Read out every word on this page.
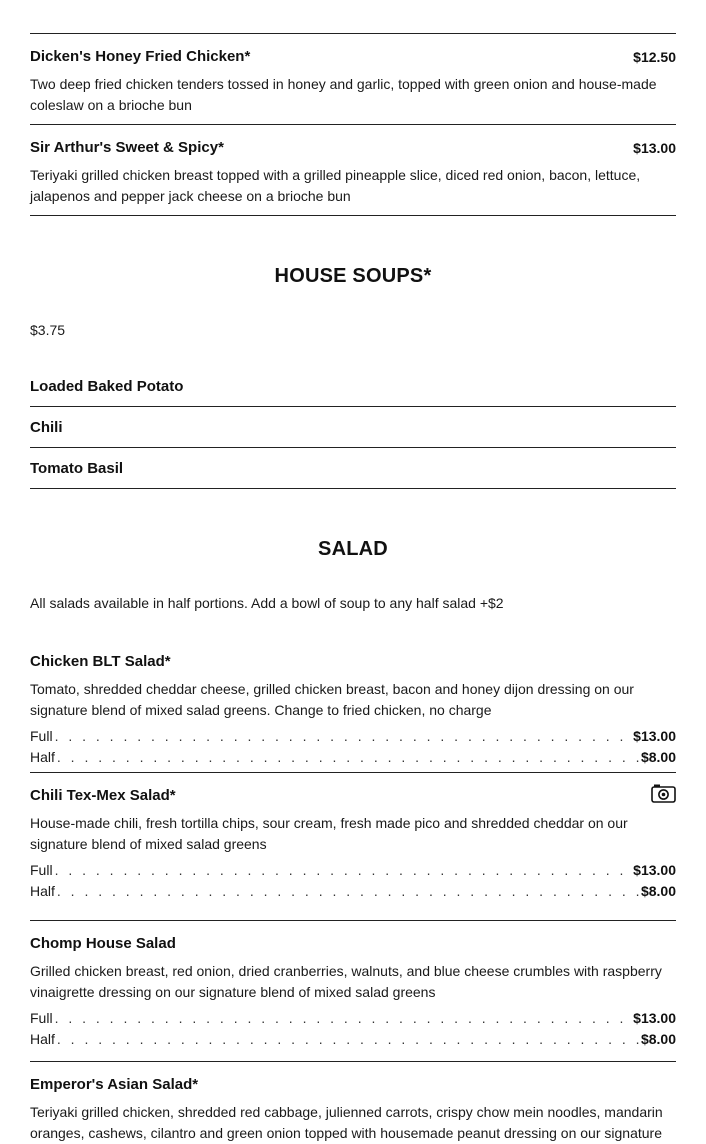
Dicken's Honey Fried Chicken*	$12.50
Two deep fried chicken tenders tossed in honey and garlic, topped with green onion and house-made coleslaw on a brioche bun
Sir Arthur's Sweet & Spicy*	$13.00
Teriyaki grilled chicken breast topped with a grilled pineapple slice, diced red onion, bacon, lettuce, jalapenos and pepper jack cheese on a brioche bun
HOUSE SOUPS*
$3.75
Loaded Baked Potato
Chili
Tomato Basil
SALAD
All salads available in half portions. Add a bowl of soup to any half salad +$2
Chicken BLT Salad*
Tomato, shredded cheddar cheese, grilled chicken breast, bacon and honey dijon dressing on our signature blend of mixed salad greens. Change to fried chicken, no charge
Full . . .	$13.00
Half . . .	$8.00
Chili Tex-Mex Salad*
House-made chili, fresh tortilla chips, sour cream, fresh made pico and shredded cheddar on our signature blend of mixed salad greens
Full . . .	$13.00
Half . . .	$8.00
Chomp House Salad
Grilled chicken breast, red onion, dried cranberries, walnuts, and blue cheese crumbles with raspberry vinaigrette dressing on our signature blend of mixed salad greens
Full . . .	$13.00
Half . . .	$8.00
Emperor's Asian Salad*
Teriyaki grilled chicken, shredded red cabbage, julienned carrots, crispy chow mein noodles, mandarin oranges, cashews, cilantro and green onion topped with housemade peanut dressing on our signature
